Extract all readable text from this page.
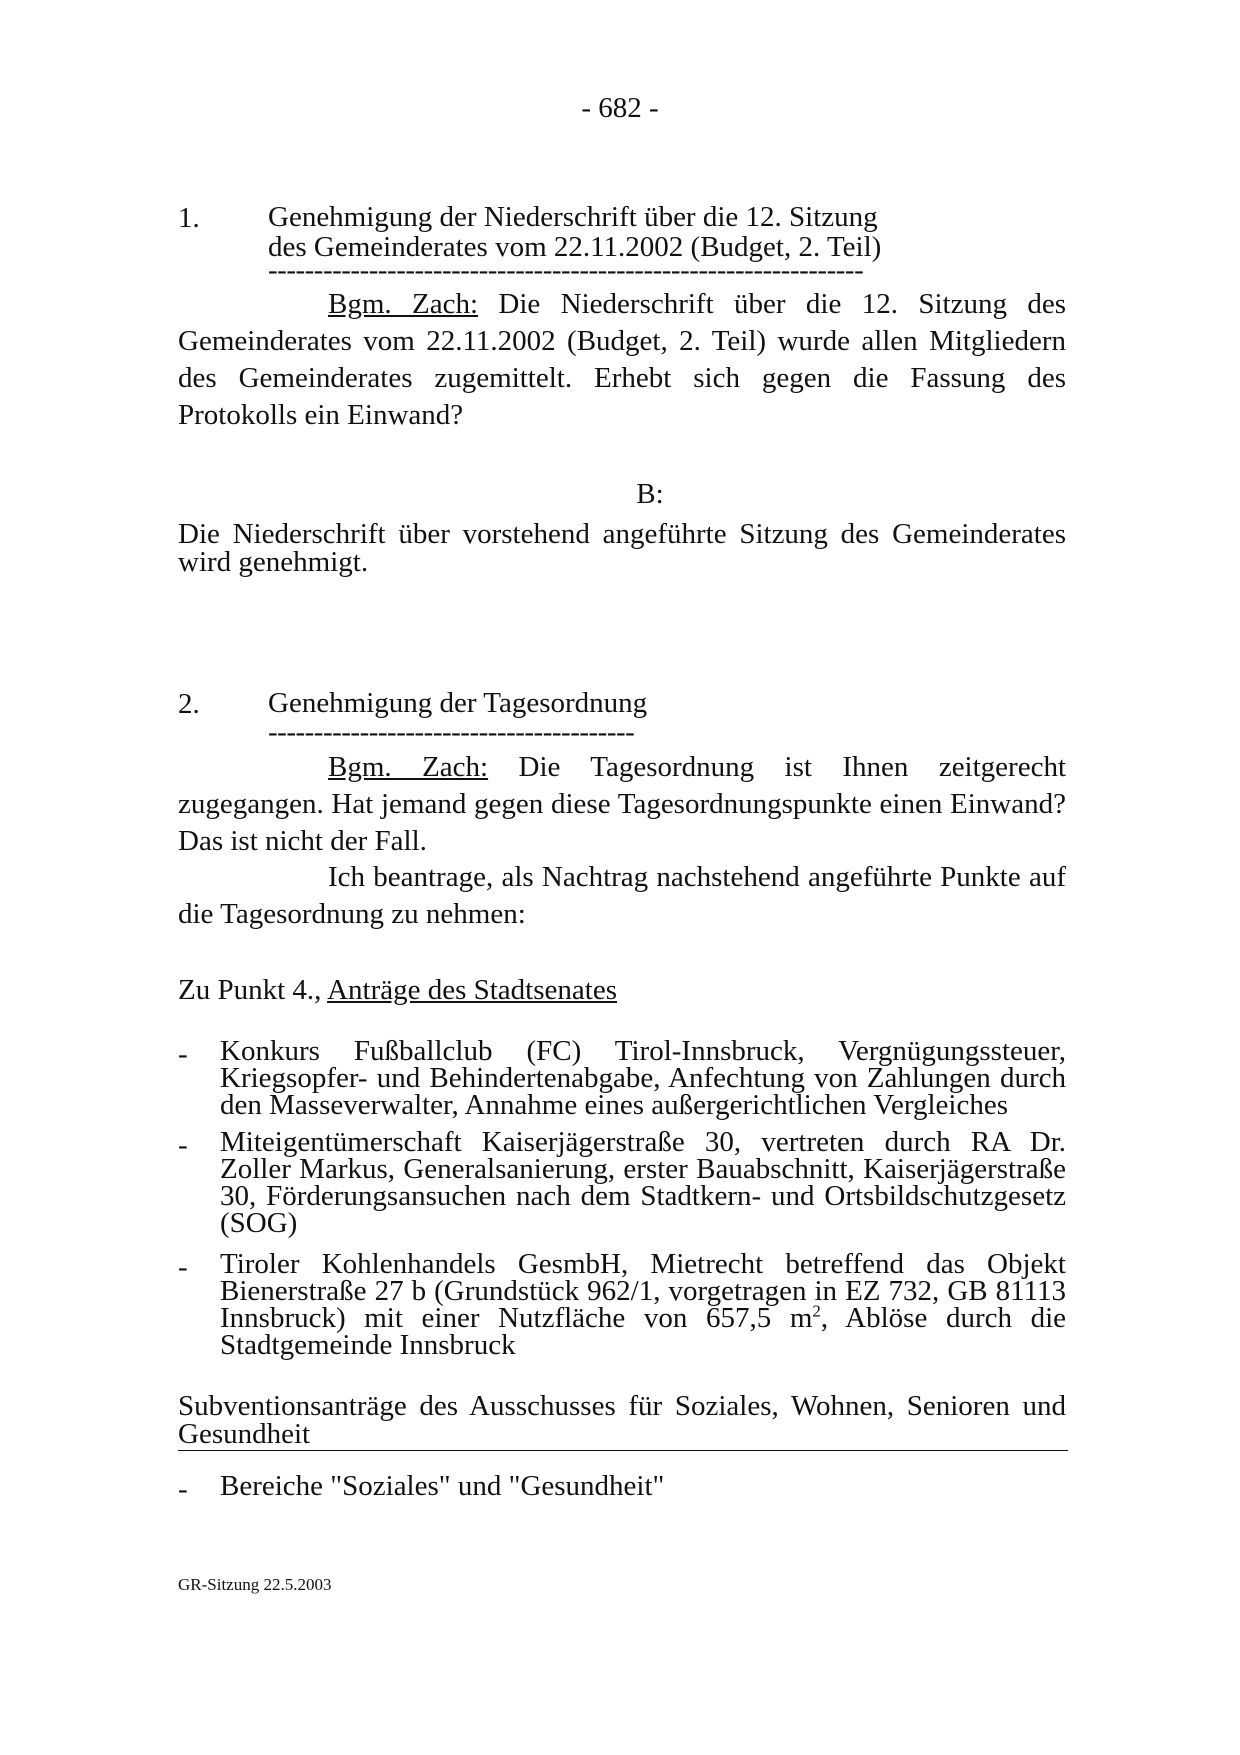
- 682 -
1. Genehmigung der Niederschrift über die 12. Sitzung
des Gemeinderates vom 22.11.2002 (Budget, 2. Teil)
-----------------------------------------------------------------
Bgm. Zach: Die Niederschrift über die 12. Sitzung des Gemeinderates vom 22.11.2002 (Budget, 2. Teil) wurde allen Mitgliedern des Gemeinderates zugemittelt. Erhebt sich gegen die Fassung des Protokolls ein Einwand?
B:
Die Niederschrift über vorstehend angeführte Sitzung des Gemeinderates wird genehmigt.
2. Genehmigung der Tagesordnung
----------------------------------------
Bgm. Zach: Die Tagesordnung ist Ihnen zeitgerecht zugegangen. Hat jemand gegen diese Tagesordnungspunkte einen Einwand? Das ist nicht der Fall.
Ich beantrage, als Nachtrag nachstehend angeführte Punkte auf die Tagesordnung zu nehmen:
Zu Punkt 4., Anträge des Stadtsenates
- Konkurs Fußballclub (FC) Tirol-Innsbruck, Vergnügungssteuer, Kriegsopfer- und Behindertenabgabe, Anfechtung von Zahlungen durch den Masseverwalter, Annahme eines außergerichtlichen Vergleiches
- Miteigentümerschaft Kaiserjägerstraße 30, vertreten durch RA Dr. Zoller Markus, Generalsanierung, erster Bauabschnitt, Kaiserjägerstraße 30, Förderungsansuchen nach dem Stadtkern- und Ortsbildschutzgesetz (SOG)
- Tiroler Kohlenhandels GesmbH, Mietrecht betreffend das Objekt Bienerstraße 27 b (Grundstück 962/1, vorgetragen in EZ 732, GB 81113 Innsbruck) mit einer Nutzfläche von 657,5 $m^2$, Ablöse durch die Stadtgemeinde Innsbruck
Subventionsanträge des Ausschusses für Soziales, Wohnen, Senioren und Gesundheit
- Bereiche "Soziales" und "Gesundheit"
GR-Sitzung 22.5.2003
